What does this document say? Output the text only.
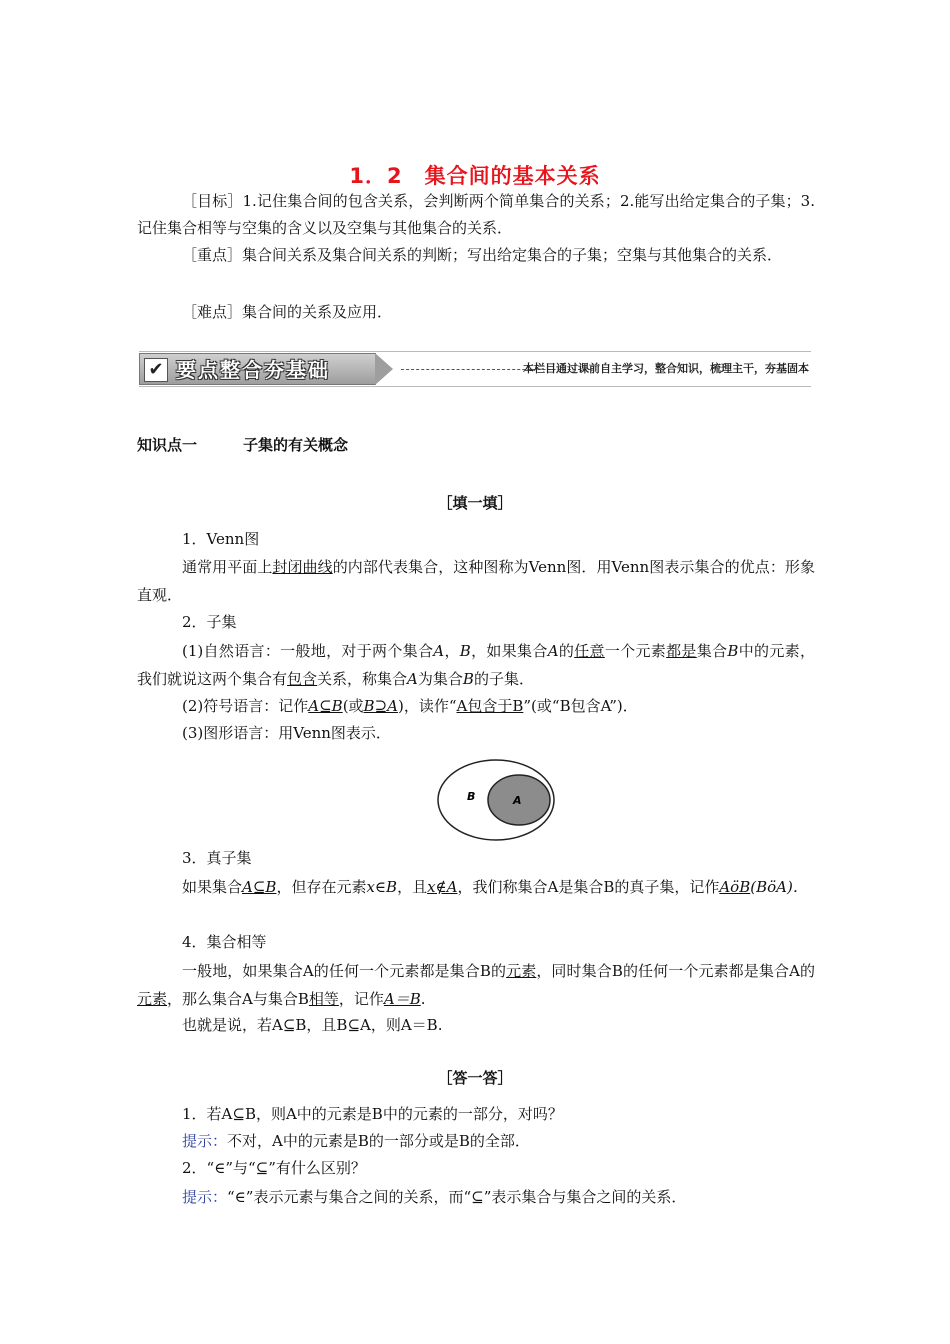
1．2　集合间的基本关系
［目标］1.记住集合间的包含关系，会判断两个简单集合的关系；2.能写出给定集合的子集；3.记住集合相等与空集的含义以及空集与其他集合的关系．
［重点］集合间关系及集合间关系的判断；写出给定集合的子集；空集与其他集合的关系．
［难点］集合间的关系及应用．
✔ 要点整合夯基础	本栏目通过课前自主学习，整合知识，梳理主干，夯基固本
知识点一	子集的有关概念
［填一填］
1．Venn图
通常用平面上封闭曲线的内部代表集合，这种图称为Venn图．用Venn图表示集合的优点：形象直观．
2．子集
(1)自然语言：一般地，对于两个集合A，B，如果集合A的任意一个元素都是集合B中的元素，我们就说这两个集合有包含关系，称集合A为集合B的子集．
(2)符号语言：记作A⊆B(或B⊇A)，读作“A包含于B”(或“B包含A”)．
(3)图形语言：用Venn图表示．
B	A
3．真子集
如果集合A⊆B，但存在元素x∈B，且x∉A，我们称集合A是集合B的真子集，记作AöB(BöA)．
4．集合相等
一般地，如果集合A的任何一个元素都是集合B的元素，同时集合B的任何一个元素都是集合A的元素，那么集合A与集合B相等，记作A＝B.
也就是说，若A⊆B，且B⊆A，则A＝B.
［答一答］
1．若A⊆B，则A中的元素是B中的元素的一部分，对吗？
提示：不对，A中的元素是B的一部分或是B的全部．
2．“∈”与“⊆”有什么区别？
提示：“∈”表示元素与集合之间的关系，而“⊆”表示集合与集合之间的关系．
